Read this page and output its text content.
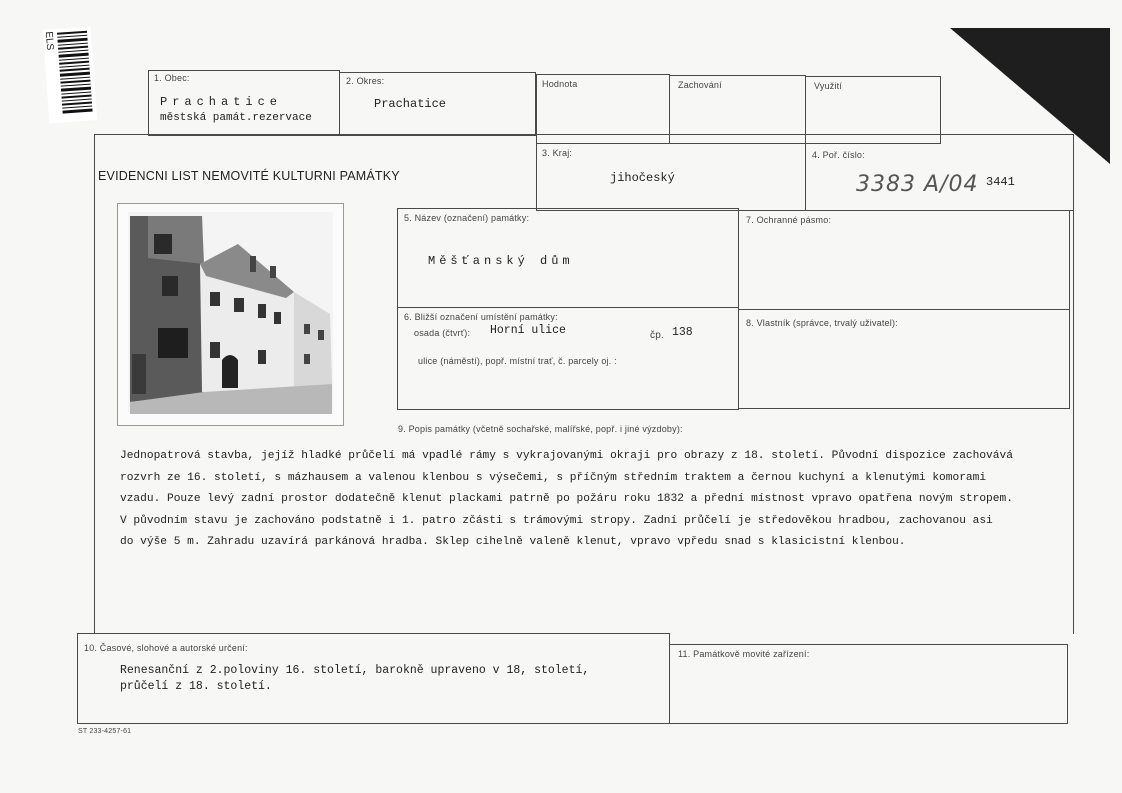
ELS
1. Obec:
Prachatice
městská památ.rezervace
2. Okres:
Prachatice
Hodnota	Zachování	Využití
EVIDENCNI LIST NEMOVITÉ KULTURNI PAMÁTKY
3. Kraj:
jihočeský
4. Poř. číslo:
3383 A/04 3441
5. Název (označení) památky:
Měšťanský dům
7. Ochranné pásmo:
6. Bližší označení umístění památky:
osada (čtvrť): Horní ulice	čp. 138
ulice (náměstí), popř. místní trať, č. parcely oj. :
8. Vlastník (správce, trvalý uživatel):
9. Popis památky (včetně sochařské, malířské, popř. i jiné výzdoby):
Jednopatrová stavba, jejíž hladké průčelí má vpadlé rámy s vykrajovanými okraji pro obrazy z 18. století. Původní dispozice zachovává
rozvrh ze 16. století, s mázhausem a valenou klenbou s výsečemi, s příčným středním traktem a černou kuchyní a klenutými komorami
vzadu. Pouze levý zadní prostor dodatečně klenut plackami patrně po požáru roku 1832 a přední místnost vpravo opatřena novým stropem.
V původním stavu je zachováno podstatně i 1. patro zčásti s trámovými stropy. Zadní průčelí je středověkou hradbou, zachovanou asi
do výše 5 m. Zahradu uzavírá parkánová hradba. Sklep cihelně valeně klenut, vpravo vpředu snad s klasicistní klenbou.
10. Časové, slohové a autorské určení:
Renesanční z 2.poloviny 16. století, barokně upraveno v 18, století,
průčelí z 18. století.
11. Památkově movité zařízení:
ST 233-4257-61
